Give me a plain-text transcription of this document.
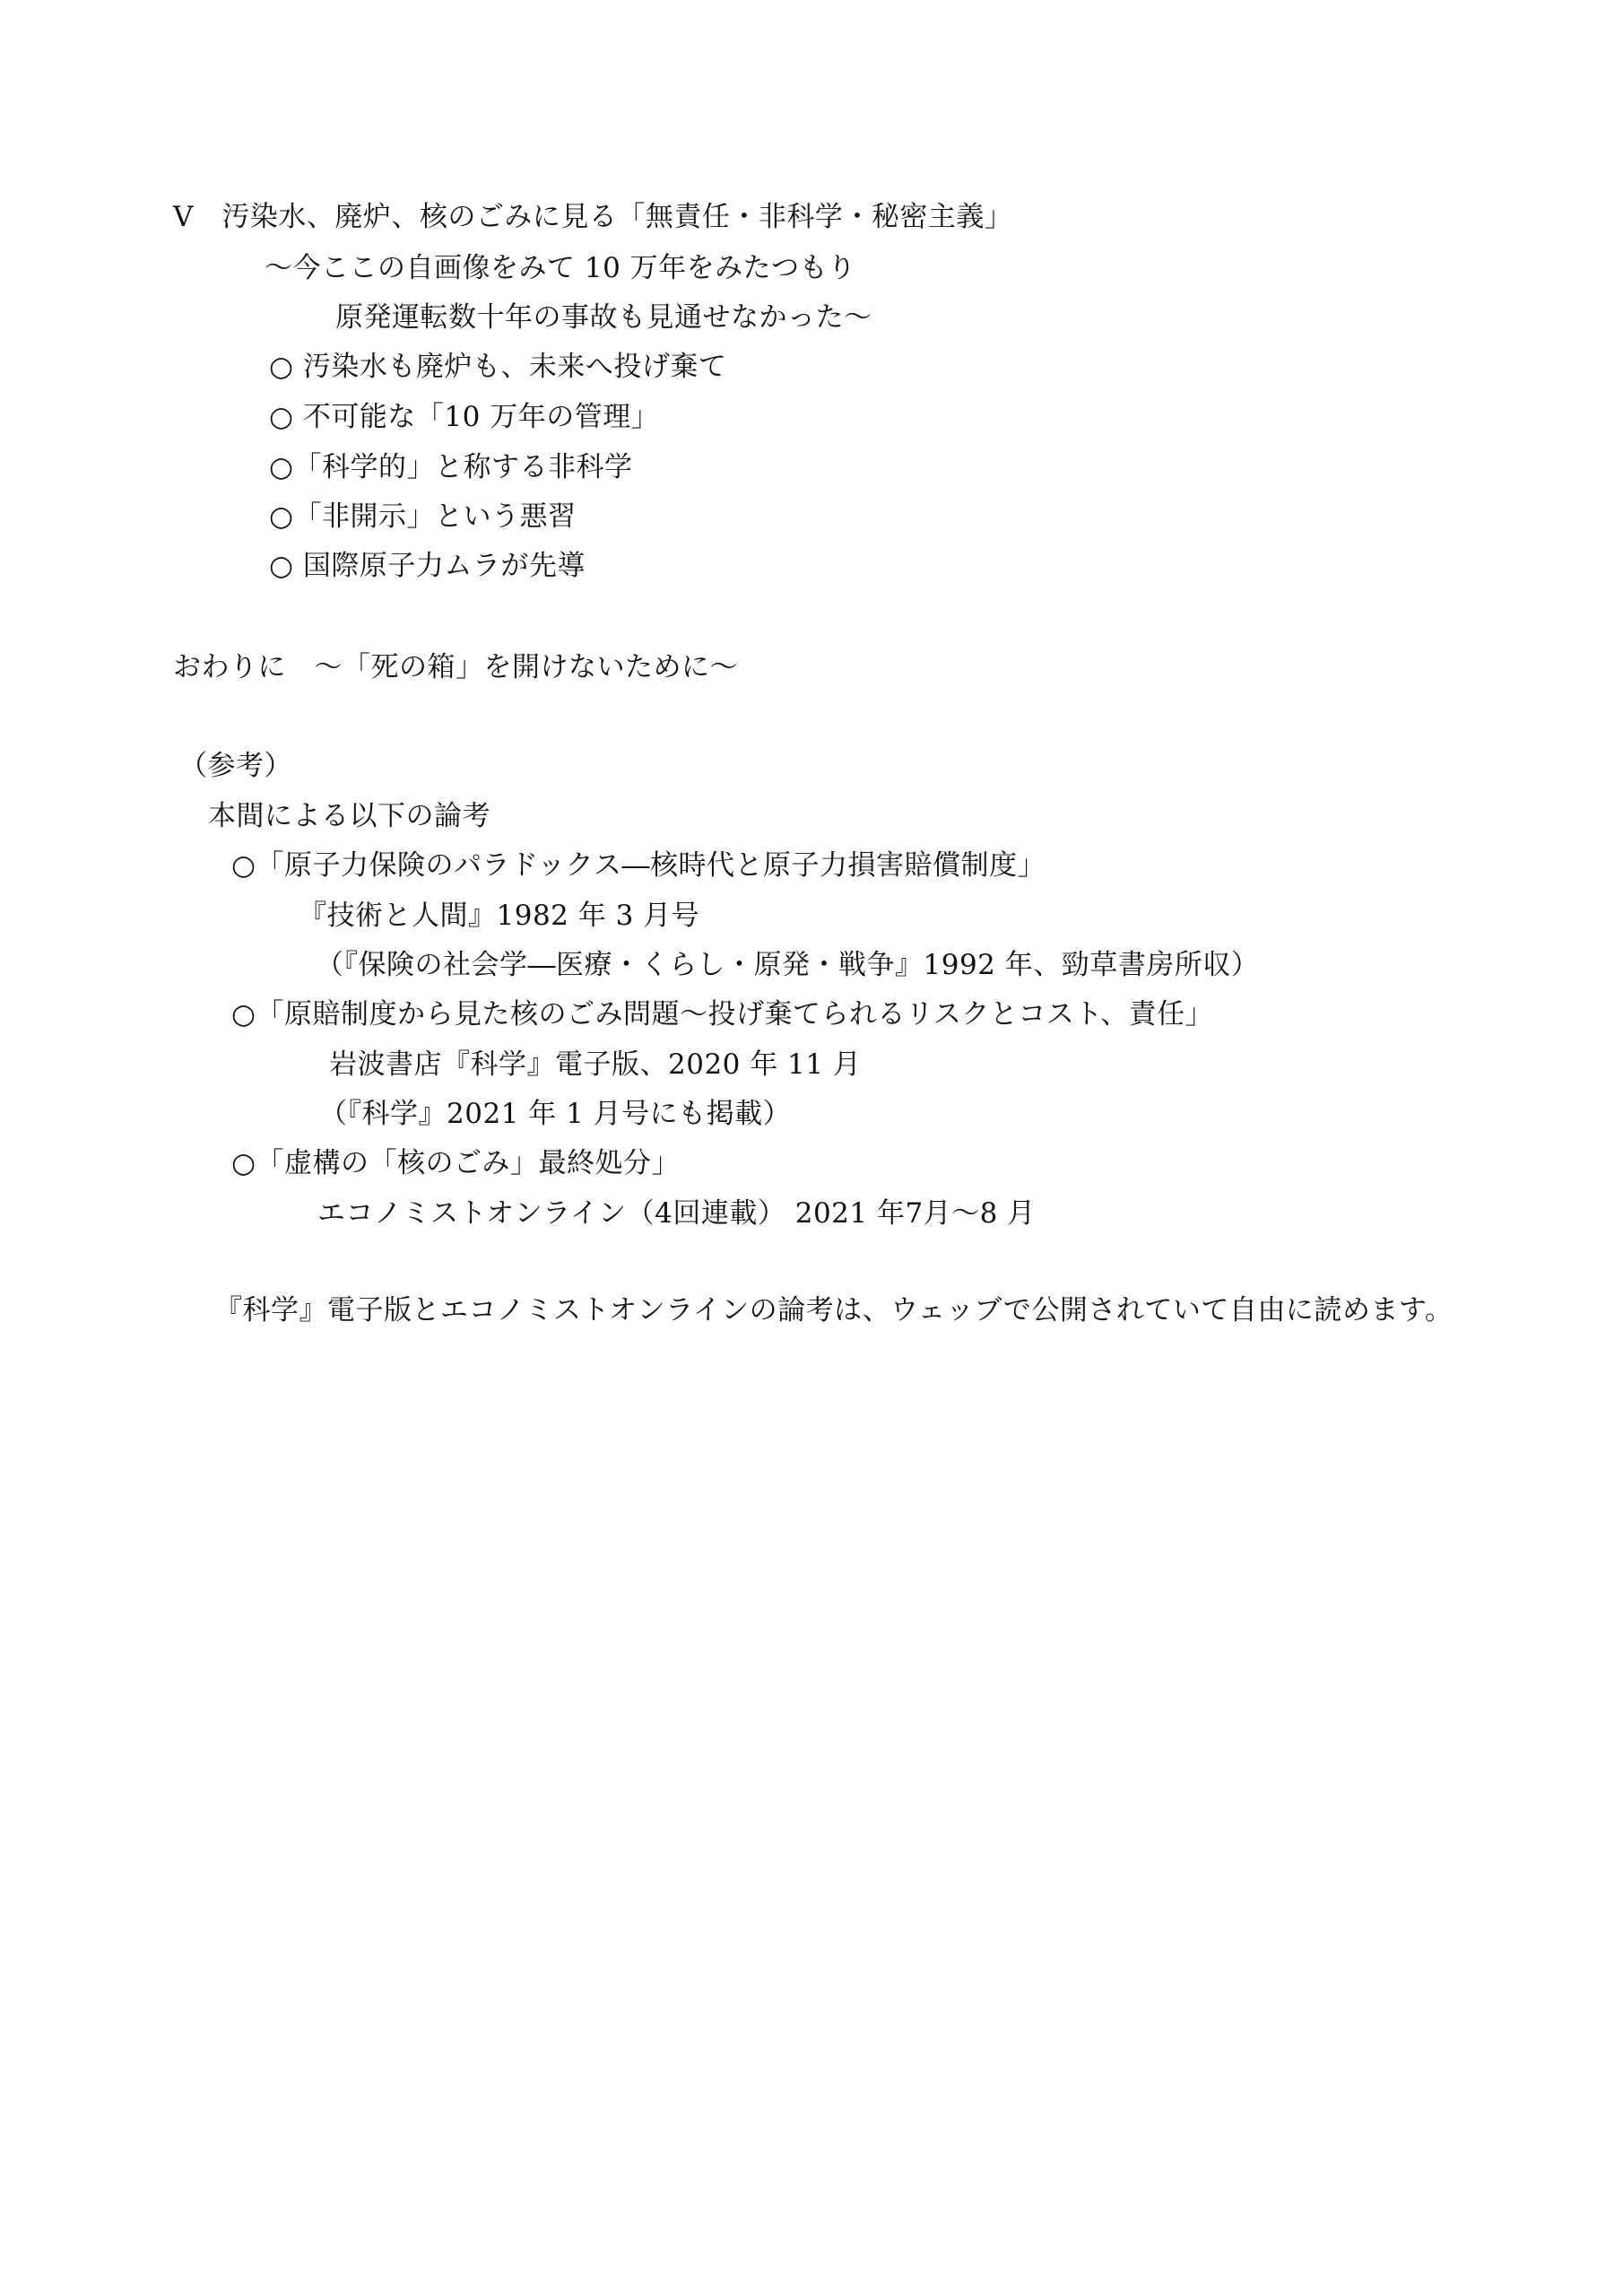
V　汚染水、廃炉、核のごみに見る「無責任・非科学・秘密主義」
～今ここの自画像をみて 10 万年をみたつもり
原発運転数十年の事故も見通せなかった～
○ 汚染水も廃炉も、未来へ投げ棄て
○ 不可能な「10 万年の管理」
○「科学的」と称する非科学
○「非開示」という悪習
○ 国際原子力ムラが先導
おわりに　～「死の箱」を開けないために～
（参考）
本間による以下の論考
○「原子力保険のパラドックス―核時代と原子力損害賠償制度」
『技術と人間』1982 年 3 月号
（『保険の社会学―医療・くらし・原発・戦争』1992 年、勁草書房所収）
○「原賠制度から見た核のごみ問題～投げ棄てられるリスクとコスト、責任」
岩波書店『科学』電子版、2020 年 11 月
（『科学』2021 年 1 月号にも掲載）
○「虚構の「核のごみ」最終処分」
エコノミストオンライン（4回連載） 2021 年7月～8 月
『科学』電子版とエコノミストオンラインの論考は、ウェッブで公開されていて自由に読めます。
